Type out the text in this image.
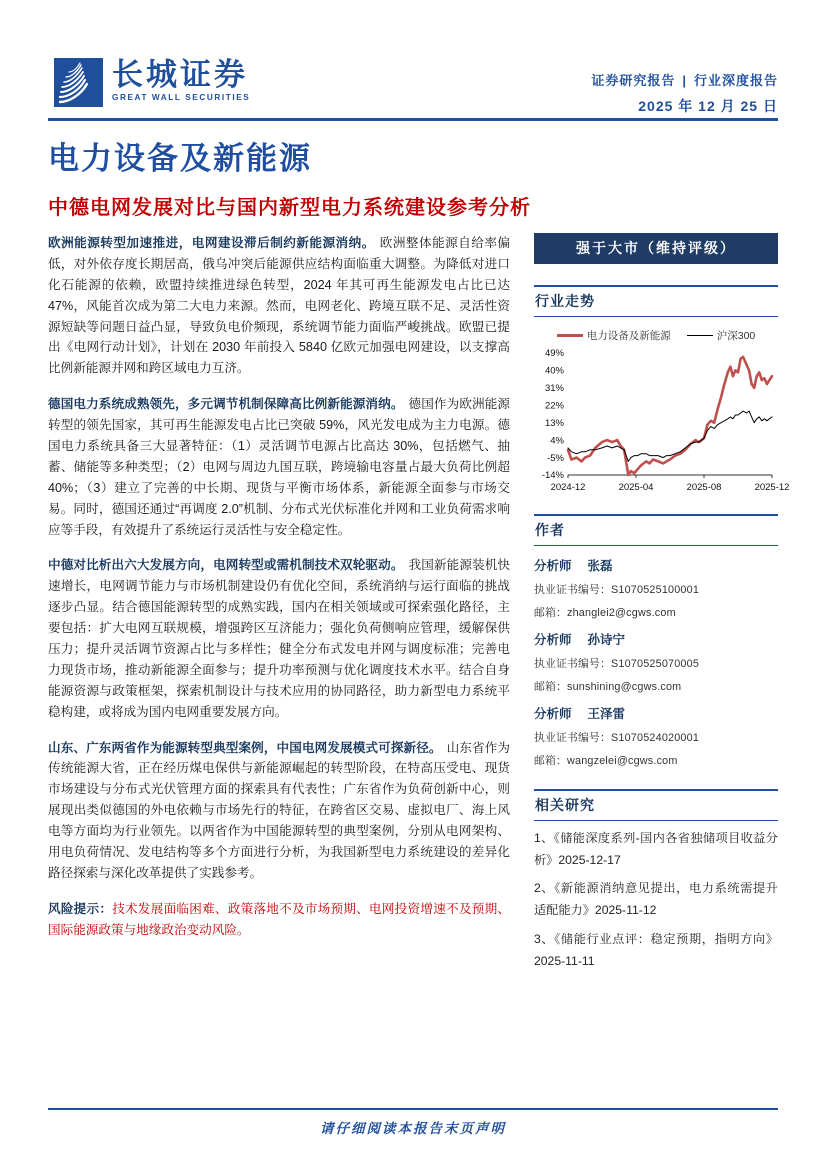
长城证券
GREAT WALL SECURITIES
证券研究报告 | 行业深度报告
2025 年 12 月 25 日
电力设备及新能源
中德电网发展对比与国内新型电力系统建设参考分析

欧洲能源转型加速推进，电网建设滞后制约新能源消纳。 欧洲整体能源自给率偏低，对外依存度长期居高，俄乌冲突后能源供应结构面临重大调整。为降低对进口化石能源的依赖，欧盟持续推进绿色转型，2024 年其可再生能源发电占比已达 47%，风能首次成为第二大电力来源。然而，电网老化、跨境互联不足、灵活性资源短缺等问题日益凸显，导致负电价频现，系统调节能力面临严峻挑战。欧盟已提出《电网行动计划》，计划在 2030 年前投入 5840 亿欧元加强电网建设，以支撑高比例新能源并网和跨区域电力互济。

德国电力系统成熟领先，多元调节机制保障高比例新能源消纳。 德国作为欧洲能源转型的领先国家，其可再生能源发电占比已突破 59%，风光发电成为主力电源。德国电力系统具备三大显著特征：（1）灵活调节电源占比高达 30%，包括燃气、抽蓄、储能等多种类型；（2）电网与周边九国互联，跨境输电容量占最大负荷比例超 40%；（3）建立了完善的中长期、现货与平衡市场体系，新能源全面参与市场交易。同时，德国还通过“再调度 2.0”机制、分布式光伏标准化并网和工业负荷需求响应等手段，有效提升了系统运行灵活性与安全稳定性。

中德对比析出六大发展方向，电网转型或需机制技术双轮驱动。 我国新能源装机快速增长，电网调节能力与市场机制建设仍有优化空间，系统消纳与运行面临的挑战逐步凸显。结合德国能源转型的成熟实践，国内在相关领域或可探索强化路径，主要包括：扩大电网互联规模，增强跨区互济能力；强化负荷侧响应管理，缓解保供压力；提升灵活调节资源占比与多样性；健全分布式发电并网与调度标准；完善电力现货市场，推动新能源全面参与；提升功率预测与优化调度技术水平。结合自身能源资源与政策框架，探索机制设计与技术应用的协同路径，助力新型电力系统平稳构建，或将成为国内电网重要发展方向。

山东、广东两省作为能源转型典型案例，中国电网发展模式可探新径。 山东省作为传统能源大省，正在经历煤电保供与新能源崛起的转型阶段，在特高压受电、现货市场建设与分布式光伏管理方面的探索具有代表性；广东省作为负荷创新中心，则展现出类似德国的外电依赖与市场先行的特征，在跨省区交易、虚拟电厂、海上风电等方面均为行业领先。以两省作为中国能源转型的典型案例，分别从电网架构、用电负荷情况、发电结构等多个方面进行分析，为我国新型电力系统建设的差异化路径探索与深化改革提供了实践参考。

风险提示：技术发展面临困难、政策落地不及市场预期、电网投资增速不及预期、国际能源政策与地缘政治变动风险。

强于大市（维持评级）
行业走势
电力设备及新能源	沪深300
49%
40%
31%
22%
13%
4%
-5%
-14%
2024-12	2025-04	2025-08	2025-12
作者
分析师 张磊
执业证书编号：S1070525100001
邮箱：zhanglei2@cgws.com
分析师 孙诗宁
执业证书编号：S1070525070005
邮箱：sunshining@cgws.com
分析师 王泽雷
执业证书编号：S1070524020001
邮箱：wangzelei@cgws.com
相关研究
1、《储能深度系列-国内各省独储项目收益分析》2025-12-17
2、《新能源消纳意见提出，电力系统需提升适配能力》2025-11-12
3、《储能行业点评：稳定预期，指明方向》2025-11-11
请仔细阅读本报告末页声明
